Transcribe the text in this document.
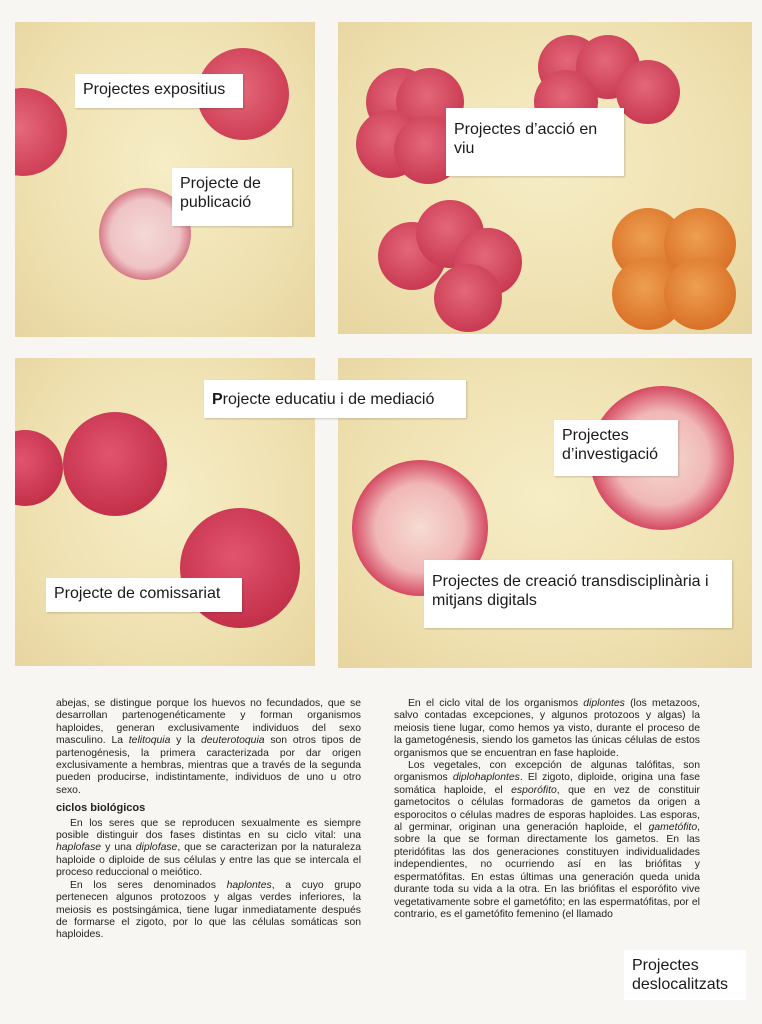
Projectes expositius
Projecte de publicació
Projectes d’acció en viu
Projecte educatiu i de mediació
Projectes d’investigació
Projecte de comissariat
Projectes de creació transdisciplinària i mitjans digitals
Projectes deslocalitzats

abejas, se distingue porque los huevos no fecundados, que se desarrollan partenogenéticamente y forman organismos haploides, generan exclusivamente individuos del sexo masculino. La telitoquia y la deuterotoquia son otros tipos de partenogénesis, la primera caracterizada por dar origen exclusivamente a hembras, mientras que a través de la segunda pueden producirse, indistintamente, individuos de uno u otro sexo.

ciclos biológicos

En los seres que se reproducen sexualmente es siempre posible distinguir dos fases distintas en su ciclo vital: una haplofase y una diplofase, que se caracterizan por la naturaleza haploide o diploide de sus células y entre las que se intercala el proceso reduccional o meiótico.

En los seres denominados haplontes, a cuyo grupo pertenecen algunos protozoos y algas verdes inferiores, la meiosis es postsingámica, tiene lugar inmediatamente después de formarse el zigoto, por lo que las células somáticas son haploides.

En el ciclo vital de los organismos diplontes (los metazoos, salvo contadas excepciones, y algunos protozoos y algas) la meiosis tiene lugar, como hemos ya visto, durante el proceso de la gametogénesis, siendo los gametos las únicas células de estos organismos que se encuentran en fase haploide.

Los vegetales, con excepción de algunas talófitas, son organismos diplohaplontes. El zigoto, diploide, origina una fase somática haploide, el esporófito, que en vez de constituir gametocitos o células formadoras de gametos da origen a esporocitos o células madres de esporas haploides. Las esporas, al germinar, originan una generación haploide, el gametófito, sobre la que se forman directamente los gametos. En las pteridófitas las dos generaciones constituyen individualidades independientes, no ocurriendo así en las briófitas y espermatófitas. En estas últimas una generación queda unida durante toda su vida a la otra. En las briófitas el esporófito vive vegetativamente sobre el gametófito; en las espermatófitas, por el contrario, es el gametófito femenino (el llamado
